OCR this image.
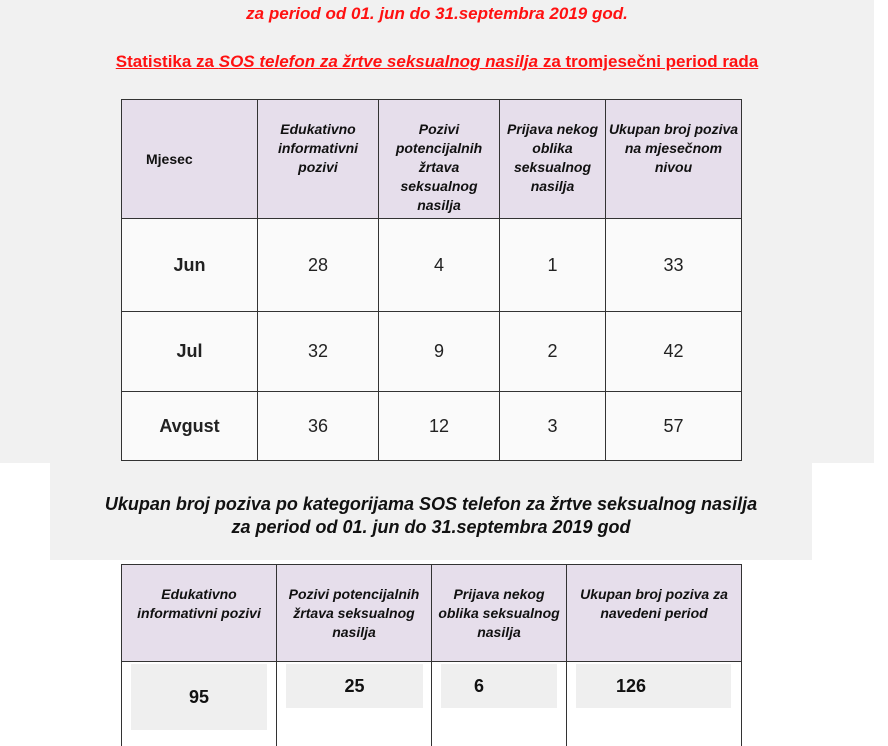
za period od 01. jun do 31.septembra 2019 god.
Statistika za SOS telefon za žrtve seksualnog nasilja za tromjesečni period rada
Mjesec	Edukativno informativni pozivi	Pozivi potencijalnih žrtava seksualnog nasilja	Prijava nekog oblika seksualnog nasilja	Ukupan broj poziva na mjesečnom nivou
Jun	28	4	1	33
Jul	32	9	2	42
Avgust	36	12	3	57
Ukupan broj poziva po kategorijama SOS telefon za žrtve seksualnog nasilja
za period od 01. jun do 31.septembra 2019 god
Edukativno informativni pozivi	Pozivi potencijalnih žrtava seksualnog nasilja	Prijava nekog oblika seksualnog nasilja	Ukupan broj poziva za navedeni period

95	25	6	126
